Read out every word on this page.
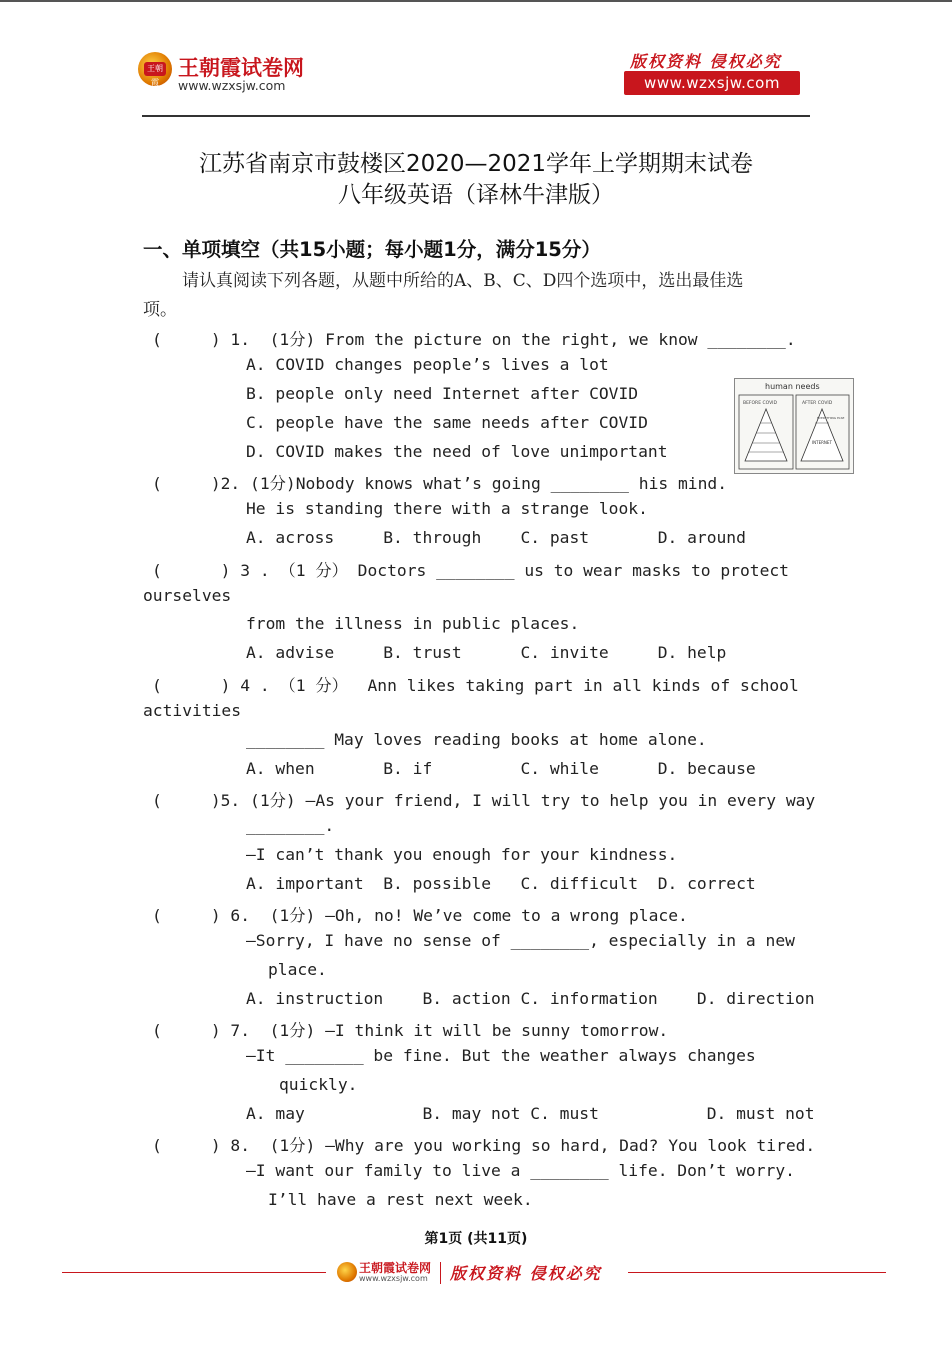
王朝霞
王朝霞试卷网
www.wzxsjw.com
版权资料 侵权必究
www.wzxsjw.com
江苏省南京市鼓楼区2020—2021学年上学期期末试卷
八年级英语（译林牛津版）
一、单项填空（共15小题；每小题1分，满分15分）
请认真阅读下列各题，从题中所给的A、B、C、D四个选项中，选出最佳选
项。
human needs
BEFORE COVID	AFTER COVID
EVERYTHING ELSE
INTERNET
(     ) 1.  (1分) From the picture on the right, we know ________.
A. COVID changes people’s lives a lot
B. people only need Internet after COVID
C. people have the same needs after COVID
D. COVID makes the need of love unimportant
(     )2. (1分)Nobody knows what’s going ________ his mind.
He is standing there with a strange look.
A. across     B. through    C. past       D. around
(      ) 3 . （1 分） Doctors ________ us to wear masks to protect
ourselves
from the illness in public places.
A. advise     B. trust      C. invite     D. help
(      ) 4 . （1 分）  Ann likes taking part in all kinds of school
activities
________ May loves reading books at home alone.
A. when       B. if         C. while      D. because
(     )5. (1分) —As your friend, I will try to help you in every way
________.
—I can’t thank you enough for your kindness.
A. important  B. possible   C. difficult  D. correct
(     ) 6.  (1分) —Oh, no! We’ve come to a wrong place.
—Sorry, I have no sense of ________, especially in a new
place.
A. instruction    B. action C. information    D. direction
(     ) 7.  (1分) —I think it will be sunny tomorrow.
—It ________ be fine. But the weather always changes
quickly.
A. may            B. may not C. must           D. must not
(     ) 8.  (1分) —Why are you working so hard, Dad? You look tired.
—I want our family to live a ________ life. Don’t worry.
I’ll have a rest next week.
第1页 (共11页)
王朝霞试卷网
www.wzxsjw.com 版权资料 侵权必究
